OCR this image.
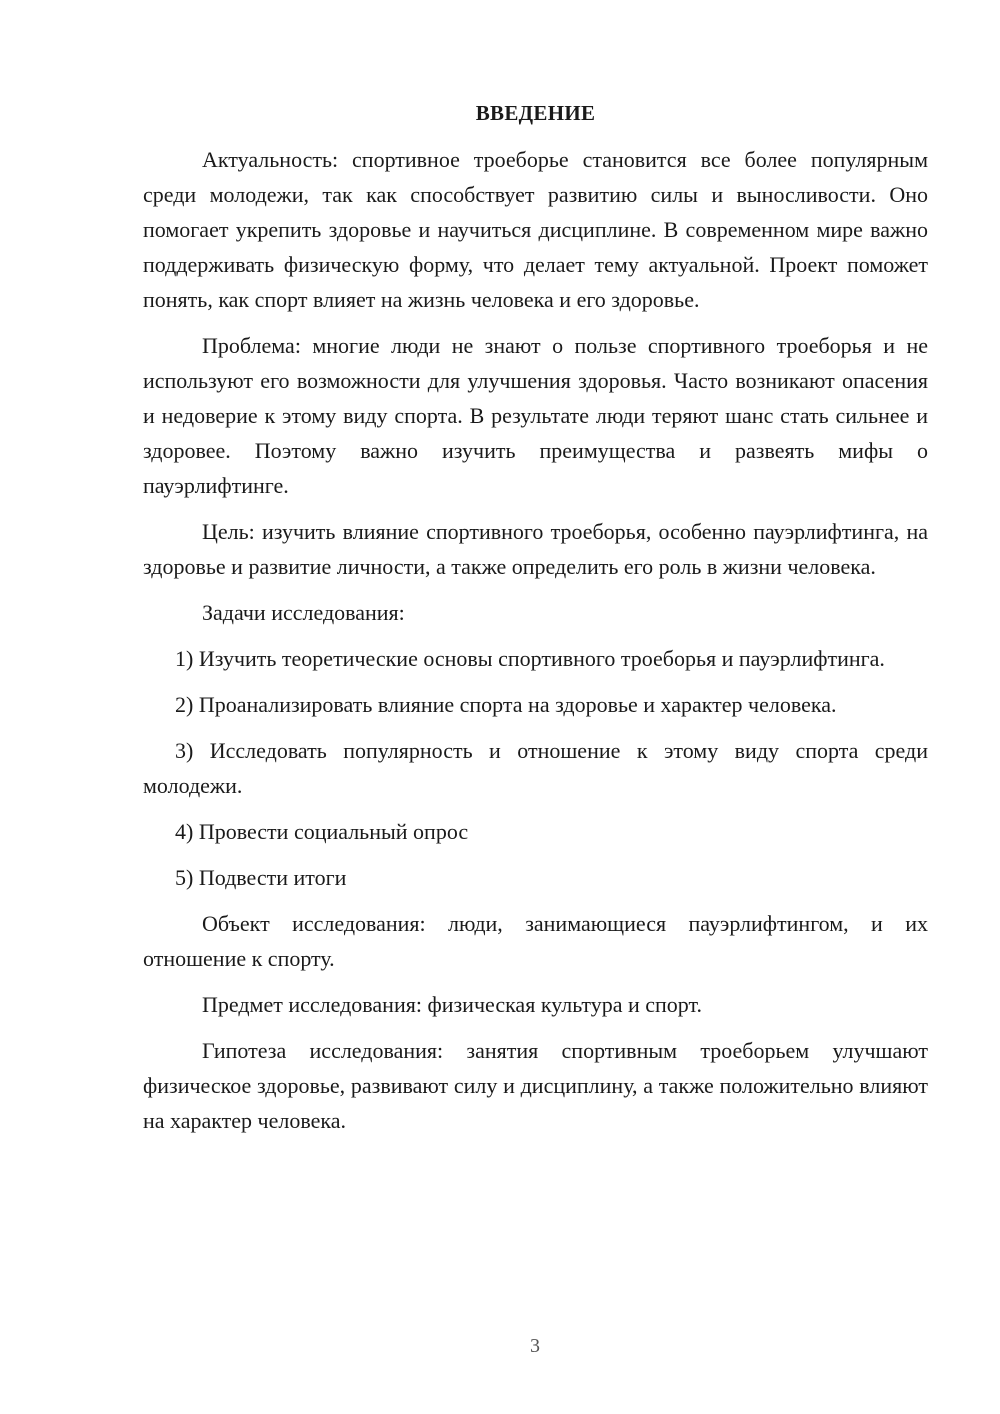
ВВЕДЕНИЕ

Актуальность: спортивное троеборье становится все более популярным среди молодежи, так как способствует развитию силы и выносливости. Оно помогает укрепить здоровье и научиться дисциплине. В современном мире важно поддерживать физическую форму, что делает тему актуальной. Проект поможет понять, как спорт влияет на жизнь человека и его здоровье.

Проблема: многие люди не знают о пользе спортивного троеборья и не используют его возможности для улучшения здоровья. Часто возникают опасения и недоверие к этому виду спорта. В результате люди теряют шанс стать сильнее и здоровее. Поэтому важно изучить преимущества и развеять мифы о пауэрлифтинге.

Цель: изучить влияние спортивного троеборья, особенно пауэрлифтинга, на здоровье и развитие личности, а также определить его роль в жизни человека.

Задачи исследования:

1) Изучить теоретические основы спортивного троеборья и пауэрлифтинга.

2) Проанализировать влияние спорта на здоровье и характер человека.

3) Исследовать популярность и отношение к этому виду спорта среди молодежи.

4) Провести социальный опрос

5) Подвести итоги

Объект исследования: люди, занимающиеся пауэрлифтингом, и их отношение к спорту.

Предмет исследования: физическая культура и спорт.

Гипотеза исследования: занятия спортивным троеборьем улучшают физическое здоровье, развивают силу и дисциплину, а также положительно влияют на характер человека.

3
